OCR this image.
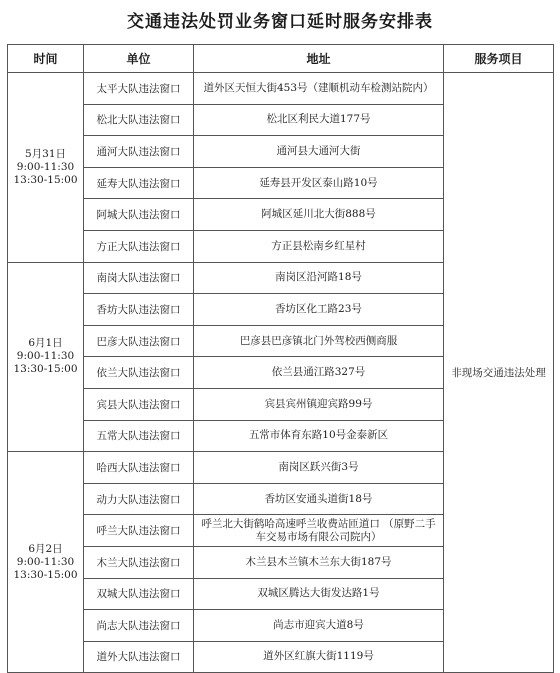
交通违法处罚业务窗口延时服务安排表
时间	单位	地址	服务项目

5月31日
9:00-11:30
13:30-15:00	太平大队违法窗口	道外区天恒大街453号（建顺机动车检测站院内）	非现场交通违法处理
	松北大队违法窗口	松北区利民大道177号	
	通河大队违法窗口	通河县大通河大街	
	延寿大队违法窗口	延寿县开发区泰山路10号	
	阿城大队违法窗口	阿城区延川北大街888号	
	方正大队违法窗口	方正县松南乡红星村	

6月1日
9:00-11:30
13:30-15:00	南岗大队违法窗口	南岗区沿河路18号	
	香坊大队违法窗口	香坊区化工路23号	
	巴彦大队违法窗口	巴彦县巴彦镇北门外驾校西侧商服	
	依兰大队违法窗口	依兰县通江路327号	
	宾县大队违法窗口	宾县宾州镇迎宾路99号	
	五常大队违法窗口	五常市体育东路10号金泰新区	

6月2日
9:00-11:30
13:30-15:00	哈西大队违法窗口	南岗区跃兴街3号	
	动力大队违法窗口	香坊区安通头道街18号	
	呼兰大队违法窗口	呼兰北大街鹤哈高速呼兰收费站匝道口 （原野二手车交易市场有限公司院内）	
	木兰大队违法窗口	木兰县木兰镇木兰东大街187号	
	双城大队违法窗口	双城区腾达大街发达路1号	
	尚志大队违法窗口	尚志市迎宾大道8号	
	道外大队违法窗口	道外区红旗大街1119号	
